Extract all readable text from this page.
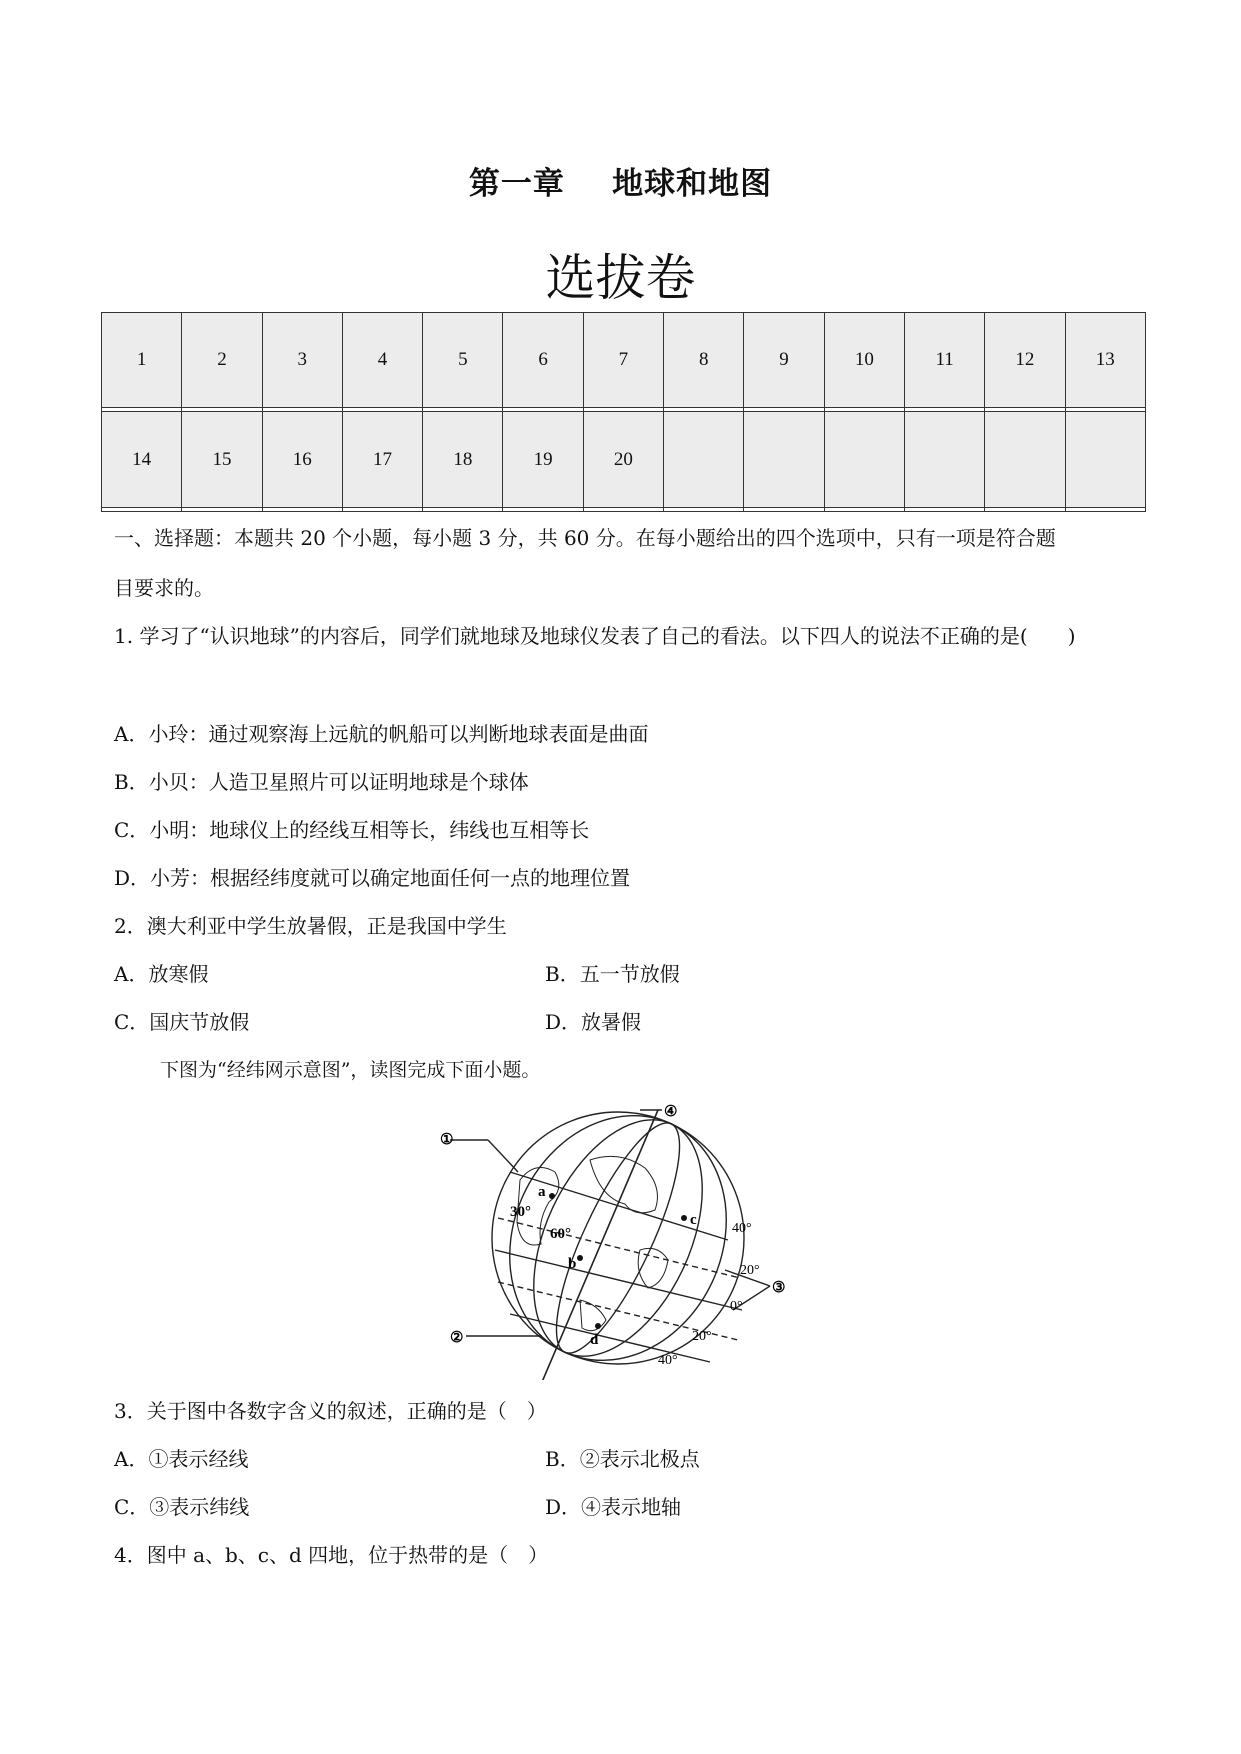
第一章    地球和地图
选拔卷
1	2	3	4	5	6	7	8	9	10	11	12	13

14	15	16	17	18	19	20						

一、选择题：本题共 20 个小题，每小题 3 分，共 60 分。在每小题给出的四个选项中，只有一项是符合题
目要求的。
1. 学习了“认识地球”的内容后，同学们就地球及地球仪发表了自己的看法。以下四人的说法不正确的是(　　)
A．小玲：通过观察海上远航的帆船可以判断地球表面是曲面
B．小贝：人造卫星照片可以证明地球是个球体
C．小明：地球仪上的经线互相等长，纬线也互相等长
D．小芳：根据经纬度就可以确定地面任何一点的地理位置
2．澳大利亚中学生放暑假，正是我国中学生
A．放寒假	B．五一节放假
C．国庆节放假	D．放暑假
下图为“经纬网示意图”，读图完成下面小题。
①
②
③
④
a
b
c
d
30°
60°	40°
20°
0°
20°
40°
3．关于图中各数字含义的叙述，正确的是（　）
A．①表示经线	B．②表示北极点
C．③表示纬线	D．④表示地轴
4．图中 a、b、c、d 四地，位于热带的是（　）
